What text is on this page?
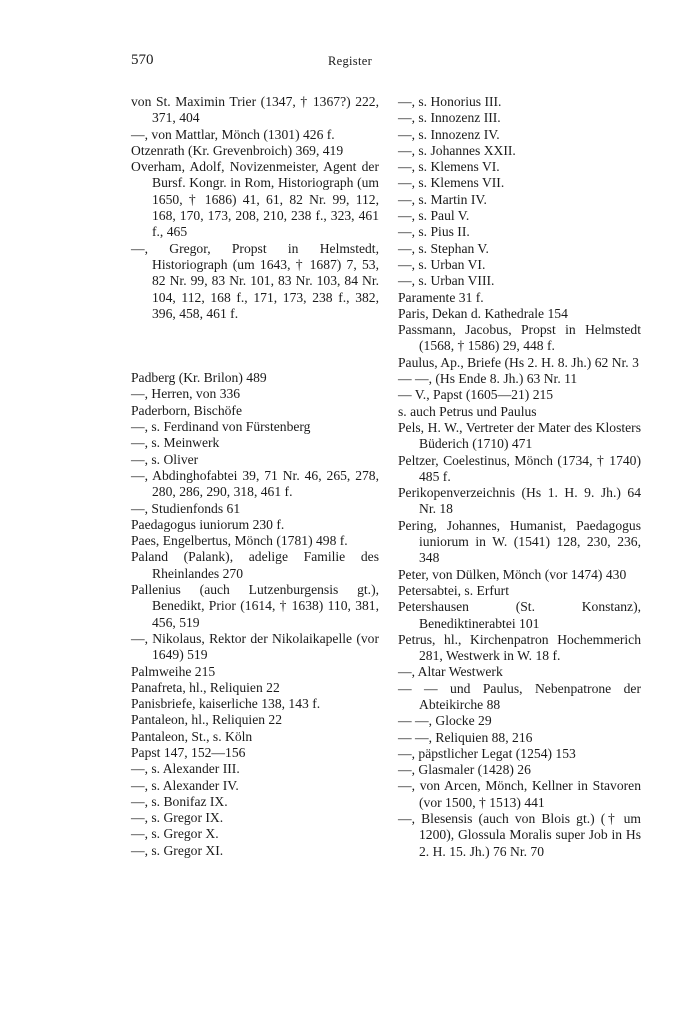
570	Register

von St. Maximin Trier (1347, † 1367?) 222, 371, 404

—, von Mattlar, Mönch (1301) 426 f.

Otzenrath (Kr. Grevenbroich) 369, 419

Overham, Adolf, Novizenmeister, Agent der Bursf. Kongr. in Rom, Historiograph (um 1650, † 1686) 41, 61, 82 Nr. 99, 112, 168, 170, 173, 208, 210, 238 f., 323, 461 f., 465

—, Gregor, Propst in Helmstedt, Historiograph (um 1643, † 1687) 7, 53, 82 Nr. 99, 83 Nr. 101, 83 Nr. 103, 84 Nr. 104, 112, 168 f., 171, 173, 238 f., 382, 396, 458, 461 f.

Padberg (Kr. Brilon) 489

—, Herren, von 336

Paderborn, Bischöfe

—, s. Ferdinand von Fürstenberg

—, s. Meinwerk

—, s. Oliver

—, Abdinghofabtei 39, 71 Nr. 46, 265, 278, 280, 286, 290, 318, 461 f.

—, Studienfonds 61

Paedagogus iuniorum 230 f.

Paes, Engelbertus, Mönch (1781) 498 f.

Paland (Palank), adelige Familie des Rheinlandes 270

Pallenius (auch Lutzenburgensis gt.), Benedikt, Prior (1614, † 1638) 110, 381, 456, 519

—, Nikolaus, Rektor der Nikolaikapelle (vor 1649) 519

Palmweihe 215

Panafreta, hl., Reliquien 22

Panisbriefe, kaiserliche 138, 143 f.

Pantaleon, hl., Reliquien 22

Pantaleon, St., s. Köln

Papst 147, 152—156

—, s. Alexander III.

—, s. Alexander IV.

—, s. Bonifaz IX.

—, s. Gregor IX.

—, s. Gregor X.

—, s. Gregor XI.

—, s. Honorius III.

—, s. Innozenz III.

—, s. Innozenz IV.

—, s. Johannes XXII.

—, s. Klemens VI.

—, s. Klemens VII.

—, s. Martin IV.

—, s. Paul V.

—, s. Pius II.

—, s. Stephan V.

—, s. Urban VI.

—, s. Urban VIII.

Paramente 31 f.

Paris, Dekan d. Kathedrale 154

Passmann, Jacobus, Propst in Helmstedt (1568, † 1586) 29, 448 f.

Paulus, Ap., Briefe (Hs 2. H. 8. Jh.) 62 Nr. 3

— —, (Hs Ende 8. Jh.) 63 Nr. 11

— V., Papst (1605—21) 215

s. auch Petrus und Paulus

Pels, H. W., Vertreter der Mater des Klosters Büderich (1710) 471

Peltzer, Coelestinus, Mönch (1734, † 1740) 485 f.

Perikopenverzeichnis (Hs 1. H. 9. Jh.) 64 Nr. 18

Pering, Johannes, Humanist, Paedagogus iuniorum in W. (1541) 128, 230, 236, 348

Peter, von Dülken, Mönch (vor 1474) 430

Petersabtei, s. Erfurt

Petershausen (St. Konstanz), Benediktinerabtei 101

Petrus, hl., Kirchenpatron Hochemmerich 281, Westwerk in W. 18 f.

—, Altar Westwerk

— — und Paulus, Nebenpatrone der Abteikirche 88

— —, Glocke 29

— —, Reliquien 88, 216

—, päpstlicher Legat (1254) 153

—, Glasmaler (1428) 26

—, von Arcen, Mönch, Kellner in Stavoren (vor 1500, † 1513) 441

—, Blesensis (auch von Blois gt.) († um 1200), Glossula Moralis super Job in Hs 2. H. 15. Jh.) 76 Nr. 70
